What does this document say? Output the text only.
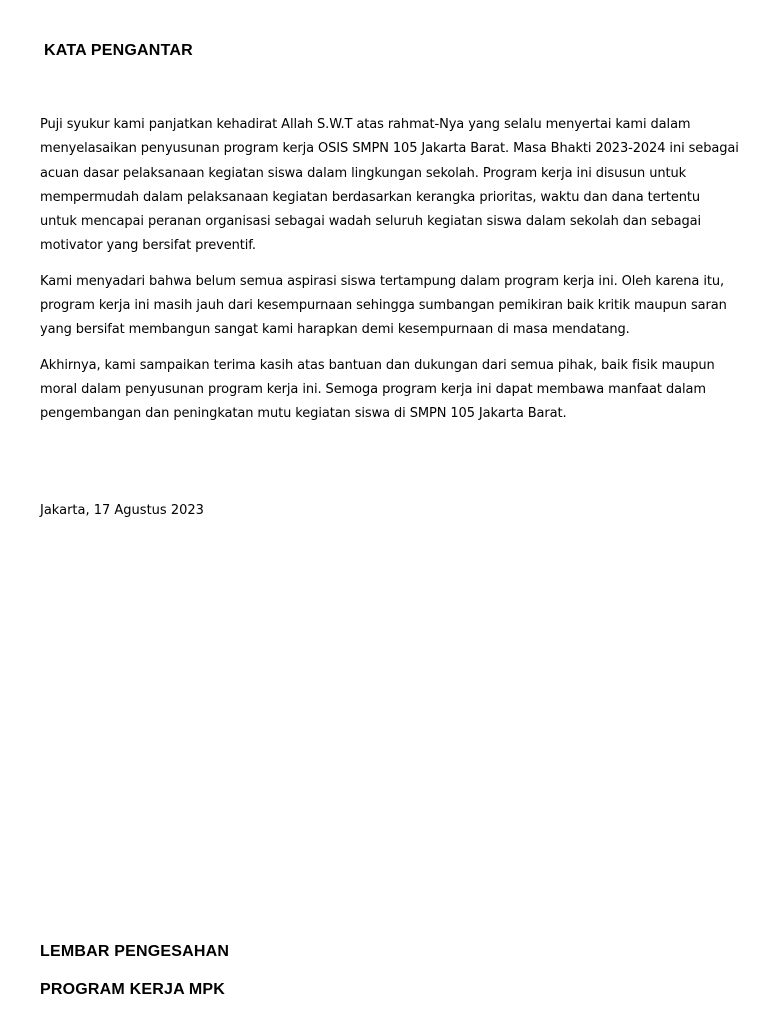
KATA PENGANTAR

Puji syukur kami panjatkan kehadirat Allah S.W.T atas rahmat-Nya yang selalu menyertai kami dalam menyelasaikan penyusunan program kerja OSIS SMPN 105 Jakarta Barat. Masa Bhakti 2023-2024 ini sebagai acuan dasar pelaksanaan kegiatan siswa dalam lingkungan sekolah. Program kerja ini disusun untuk mempermudah dalam pelaksanaan kegiatan berdasarkan kerangka prioritas, waktu dan dana tertentu untuk mencapai peranan organisasi sebagai wadah seluruh kegiatan siswa dalam sekolah dan sebagai motivator yang bersifat preventif.

Kami menyadari bahwa belum semua aspirasi siswa tertampung dalam program kerja ini. Oleh karena itu, program kerja ini masih jauh dari kesempurnaan sehingga sumbangan pemikiran baik kritik maupun saran yang bersifat membangun sangat kami harapkan demi kesempurnaan di masa mendatang.

Akhirnya, kami sampaikan terima kasih atas bantuan dan dukungan dari semua pihak, baik fisik maupun moral dalam penyusunan program kerja ini. Semoga program kerja ini dapat membawa manfaat dalam pengembangan dan peningkatan mutu kegiatan siswa di SMPN 105 Jakarta Barat.

Jakarta, 17 Agustus 2023

LEMBAR PENGESAHAN
PROGRAM KERJA MPK
